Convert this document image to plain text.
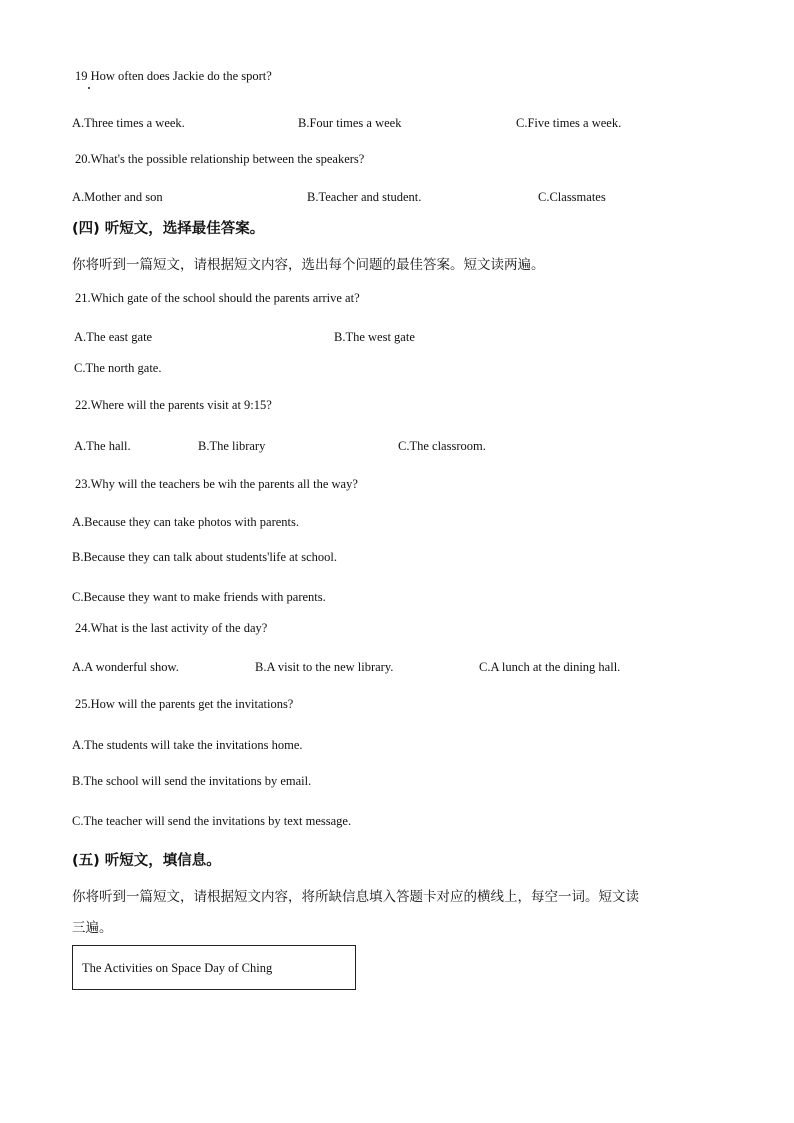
19 How often does Jackie do the sport?
A.Three times a week.	B.Four times a week	C.Five times a week.
20.What's the possible relationship between the speakers?
A.Mother and son	B.Teacher and student.	C.Classmates
(四) 听短文，选择最佳答案。
你将听到一篇短文，请根据短文内容，选出每个问题的最佳答案。短文读两遍。
21.Which gate of the school should the parents arrive at?
A.The east gate	B.The west gate
C.The north gate.
22.Where will the parents visit at 9:15?
A.The hall.	B.The library	C.The classroom.
23.Why will the teachers be wih the parents all the way?
A.Because they can take photos with parents.
B.Because they can talk about students'life at school.
C.Because they want to make friends with parents.
24.What is the last activity of the day?
A.A wonderful show.	B.A visit to the new library.	C.A lunch at the dining hall.
25.How will the parents get the invitations?
A.The students will take the invitations home.
B.The school will send the invitations by email.
C.The teacher will send the invitations by text message.
(五) 听短文，填信息。
你将听到一篇短文，请根据短文内容，将所缺信息填入答题卡对应的横线上，每空一词。短文读
三遍。
The Activities on Space Day of Ching
